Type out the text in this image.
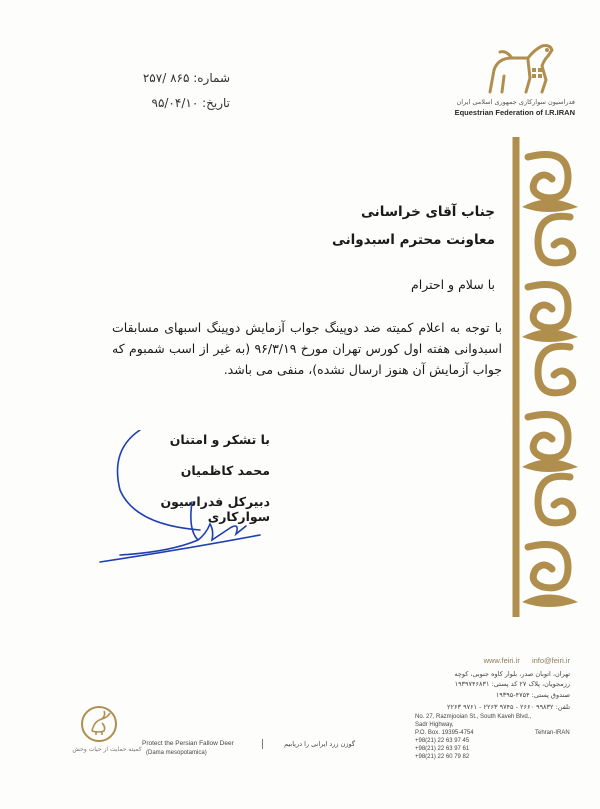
شماره: ۸۶۵ /۲۵۷
تاریخ: ۹۵/۰۴/۱۰	فدراسیون سوارکاری جمهوری اسلامی ایران
Equestrian Federation of I.R.IRAN
جناب آقای خراسانی
معاونت محترم اسبدوانی
با سلام و احترام
با توجه به اعلام کمیته ضد دوپینگ جواب آزمایش دوپینگ اسبهای مسابقات اسبدوانی هفته اول کورس تهران مورخ ۹۶/۳/۱۹ (به غیر از اسب شمبوم که جواب آزمایش آن هنوز ارسال نشده)، منفی می باشد.
با تشکر و امتنان
محمد کاظمیان
دبیرکل فدراسیون سوارکاری
www.feiri.ir info@feiri.ir
تهران، اتوبان صدر، بلوار کاوه جنوبی، کوچه
رزمجویان، پلاک ۲۷ کد پستی: ۱۹۳۹۷۴۶۸۳۱
صندوق پستی: ۴۷۵۴-۱۹۳۹۵
تلفن: ۹۹۸۳۲ ۲۶۶۰ - ۹۷۴۵ ۲۲۶۳ - ۹۷۶۱ ۲۲۶۳
No. 27, Razmjooian St., South Kaveh Blvd.,
Sadr Highway,
Tehran-IRAN
P.O. Box. 19395-4754
+98(21) 22 63 97 45
+98(21) 22 63 97 61
+98(21) 22 60 79 82
کمیته حمایت از حیات وحش
Protect the Persian Fallow Deer
(Dama mesopotamica)
گوزن زرد ایرانی را دریابیم
